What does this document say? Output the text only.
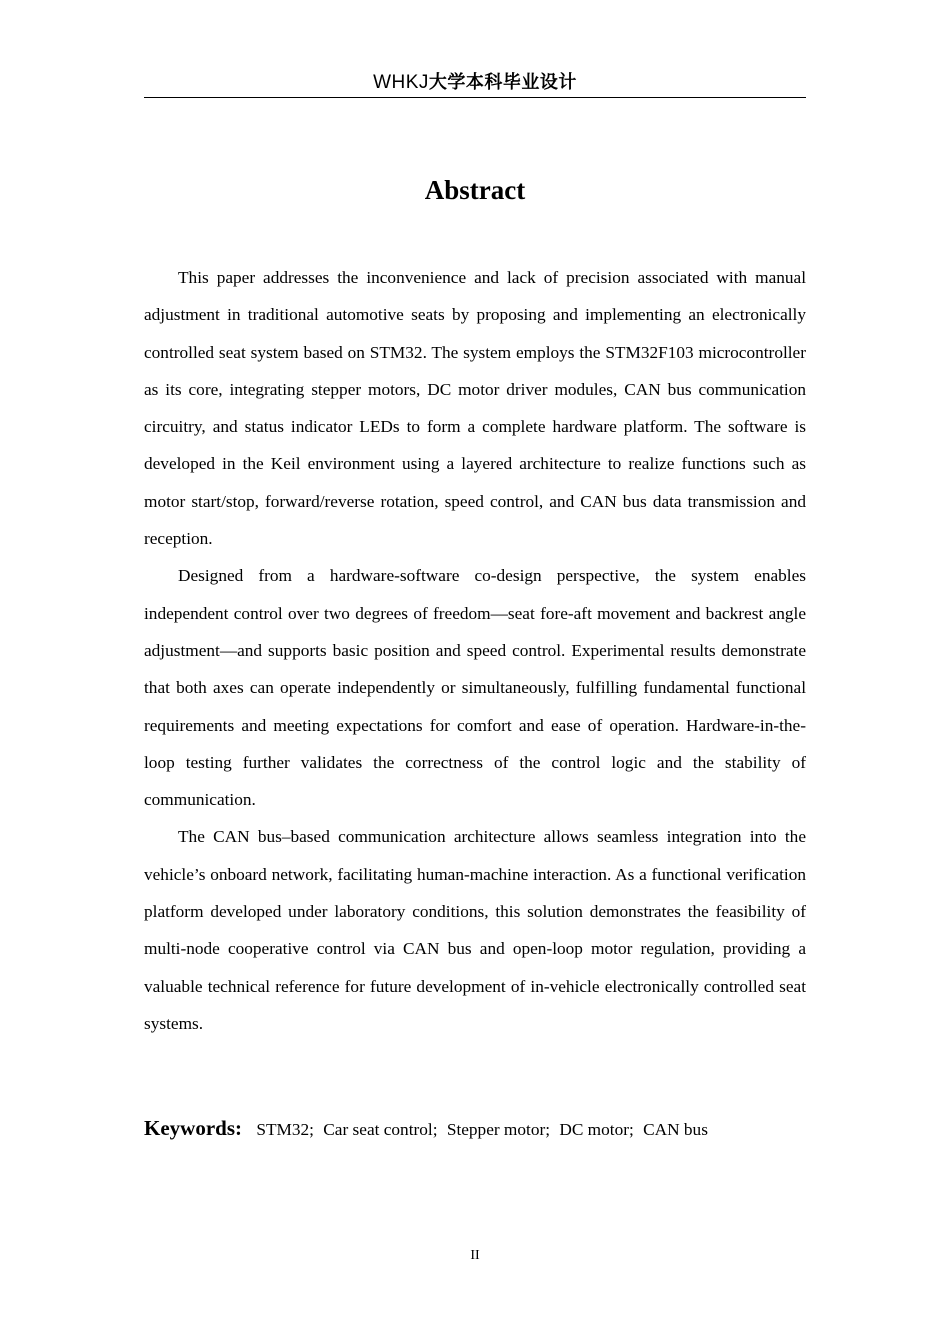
WHKJ大学本科毕业设计
Abstract

This paper addresses the inconvenience and lack of precision associated with manual adjustment in traditional automotive seats by proposing and implementing an electronically controlled seat system based on STM32. The system employs the STM32F103 microcontroller as its core, integrating stepper motors, DC motor driver modules, CAN bus communication circuitry, and status indicator LEDs to form a complete hardware platform. The software is developed in the Keil environment using a layered architecture to realize functions such as motor start/stop, forward/reverse rotation, speed control, and CAN bus data transmission and reception.

Designed from a hardware-software co-design perspective, the system enables independent control over two degrees of freedom—seat fore-aft movement and backrest angle adjustment—and supports basic position and speed control. Experimental results demonstrate that both axes can operate independently or simultaneously, fulfilling fundamental functional requirements and meeting expectations for comfort and ease of operation. Hardware-in-the-loop testing further validates the correctness of the control logic and the stability of communication.

The CAN bus–based communication architecture allows seamless integration into the vehicle’s onboard network, facilitating human-machine interaction. As a functional verification platform developed under laboratory conditions, this solution demonstrates the feasibility of multi-node cooperative control via CAN bus and open-loop motor regulation, providing a valuable technical reference for future development of in-vehicle electronically controlled seat systems.

Keywords: STM32; Car seat control; Stepper motor; DC motor; CAN bus
II
